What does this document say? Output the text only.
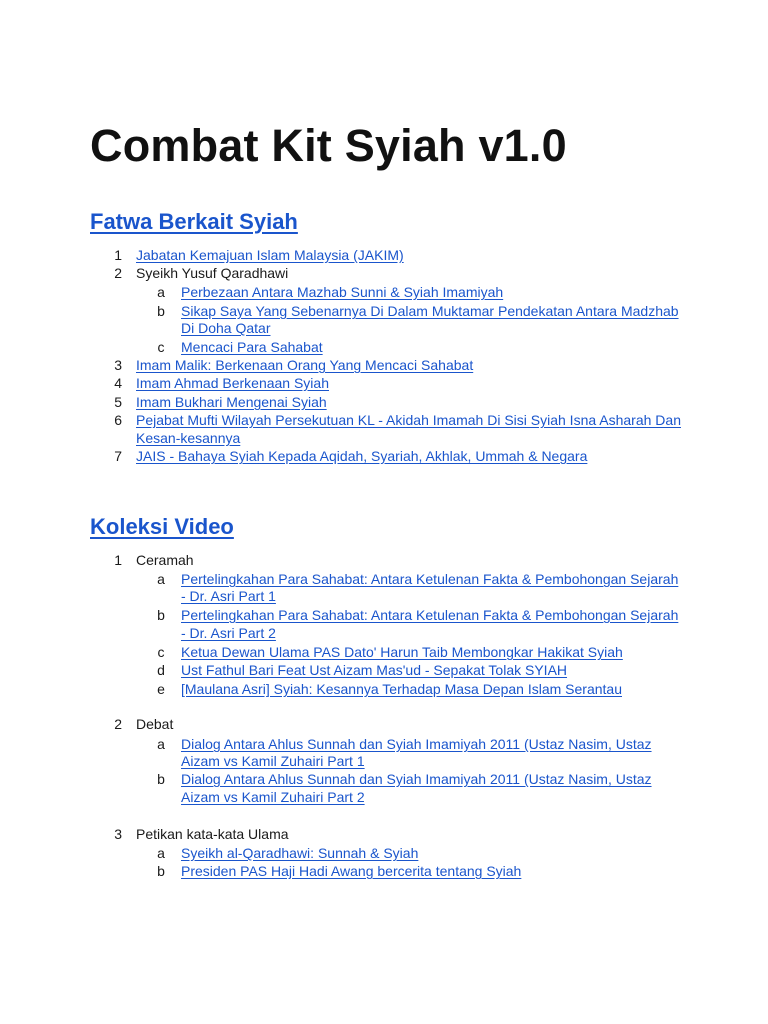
Combat Kit Syiah v1.0
Fatwa Berkait Syiah
1 Jabatan Kemajuan Islam Malaysia (JAKIM)
2 Syeikh Yusuf Qaradhawi
a Perbezaan Antara Mazhab Sunni & Syiah Imamiyah
b Sikap Saya Yang Sebenarnya Di Dalam Muktamar Pendekatan Antara Madzhab
Di Doha Qatar
c Mencaci Para Sahabat
3 Imam Malik: Berkenaan Orang Yang Mencaci Sahabat
4 Imam Ahmad Berkenaan Syiah
5 Imam Bukhari Mengenai Syiah
6 Pejabat Mufti Wilayah Persekutuan KL - Akidah Imamah Di Sisi Syiah Isna Asharah Dan
Kesan-kesannya
7 JAIS - Bahaya Syiah Kepada Aqidah, Syariah, Akhlak, Ummah & Negara
Koleksi Video
1 Ceramah
a Pertelingkahan Para Sahabat: Antara Ketulenan Fakta & Pembohongan Sejarah
- Dr. Asri Part 1
b Pertelingkahan Para Sahabat: Antara Ketulenan Fakta & Pembohongan Sejarah
- Dr. Asri Part 2
c Ketua Dewan Ulama PAS Dato' Harun Taib Membongkar Hakikat Syiah
d Ust Fathul Bari Feat Ust Aizam Mas'ud - Sepakat Tolak SYIAH
e [Maulana Asri] Syiah: Kesannya Terhadap Masa Depan Islam Serantau
2 Debat
a Dialog Antara Ahlus Sunnah dan Syiah Imamiyah 2011 (Ustaz Nasim, Ustaz
Aizam vs Kamil Zuhairi Part 1
b Dialog Antara Ahlus Sunnah dan Syiah Imamiyah 2011 (Ustaz Nasim, Ustaz
Aizam vs Kamil Zuhairi Part 2
3 Petikan kata-kata Ulama
a Syeikh al-Qaradhawi: Sunnah & Syiah
b Presiden PAS Haji Hadi Awang bercerita tentang Syiah
